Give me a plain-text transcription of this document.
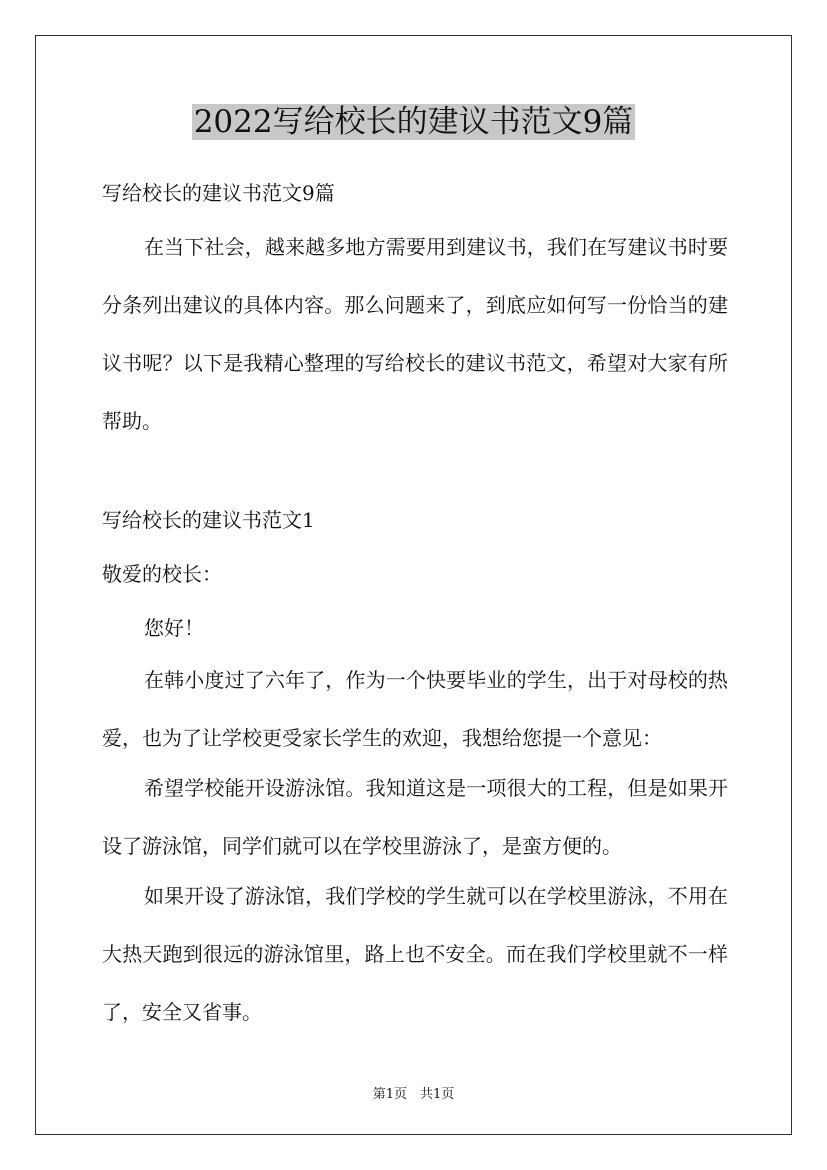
2022写给校长的建议书范文9篇
写给校长的建议书范文9篇
在当下社会，越来越多地方需要用到建议书，我们在写建议书时要分条列出建议的具体内容。那么问题来了，到底应如何写一份恰当的建议书呢？以下是我精心整理的写给校长的建议书范文，希望对大家有所帮助。
写给校长的建议书范文1
敬爱的校长：
您好！
在韩小度过了六年了，作为一个快要毕业的学生，出于对母校的热爱，也为了让学校更受家长学生的欢迎，我想给您提一个意见：
希望学校能开设游泳馆。我知道这是一项很大的工程，但是如果开设了游泳馆，同学们就可以在学校里游泳了，是蛮方便的。
如果开设了游泳馆，我们学校的学生就可以在学校里游泳，不用在大热天跑到很远的游泳馆里，路上也不安全。而在我们学校里就不一样了，安全又省事。
第1页　共1页
